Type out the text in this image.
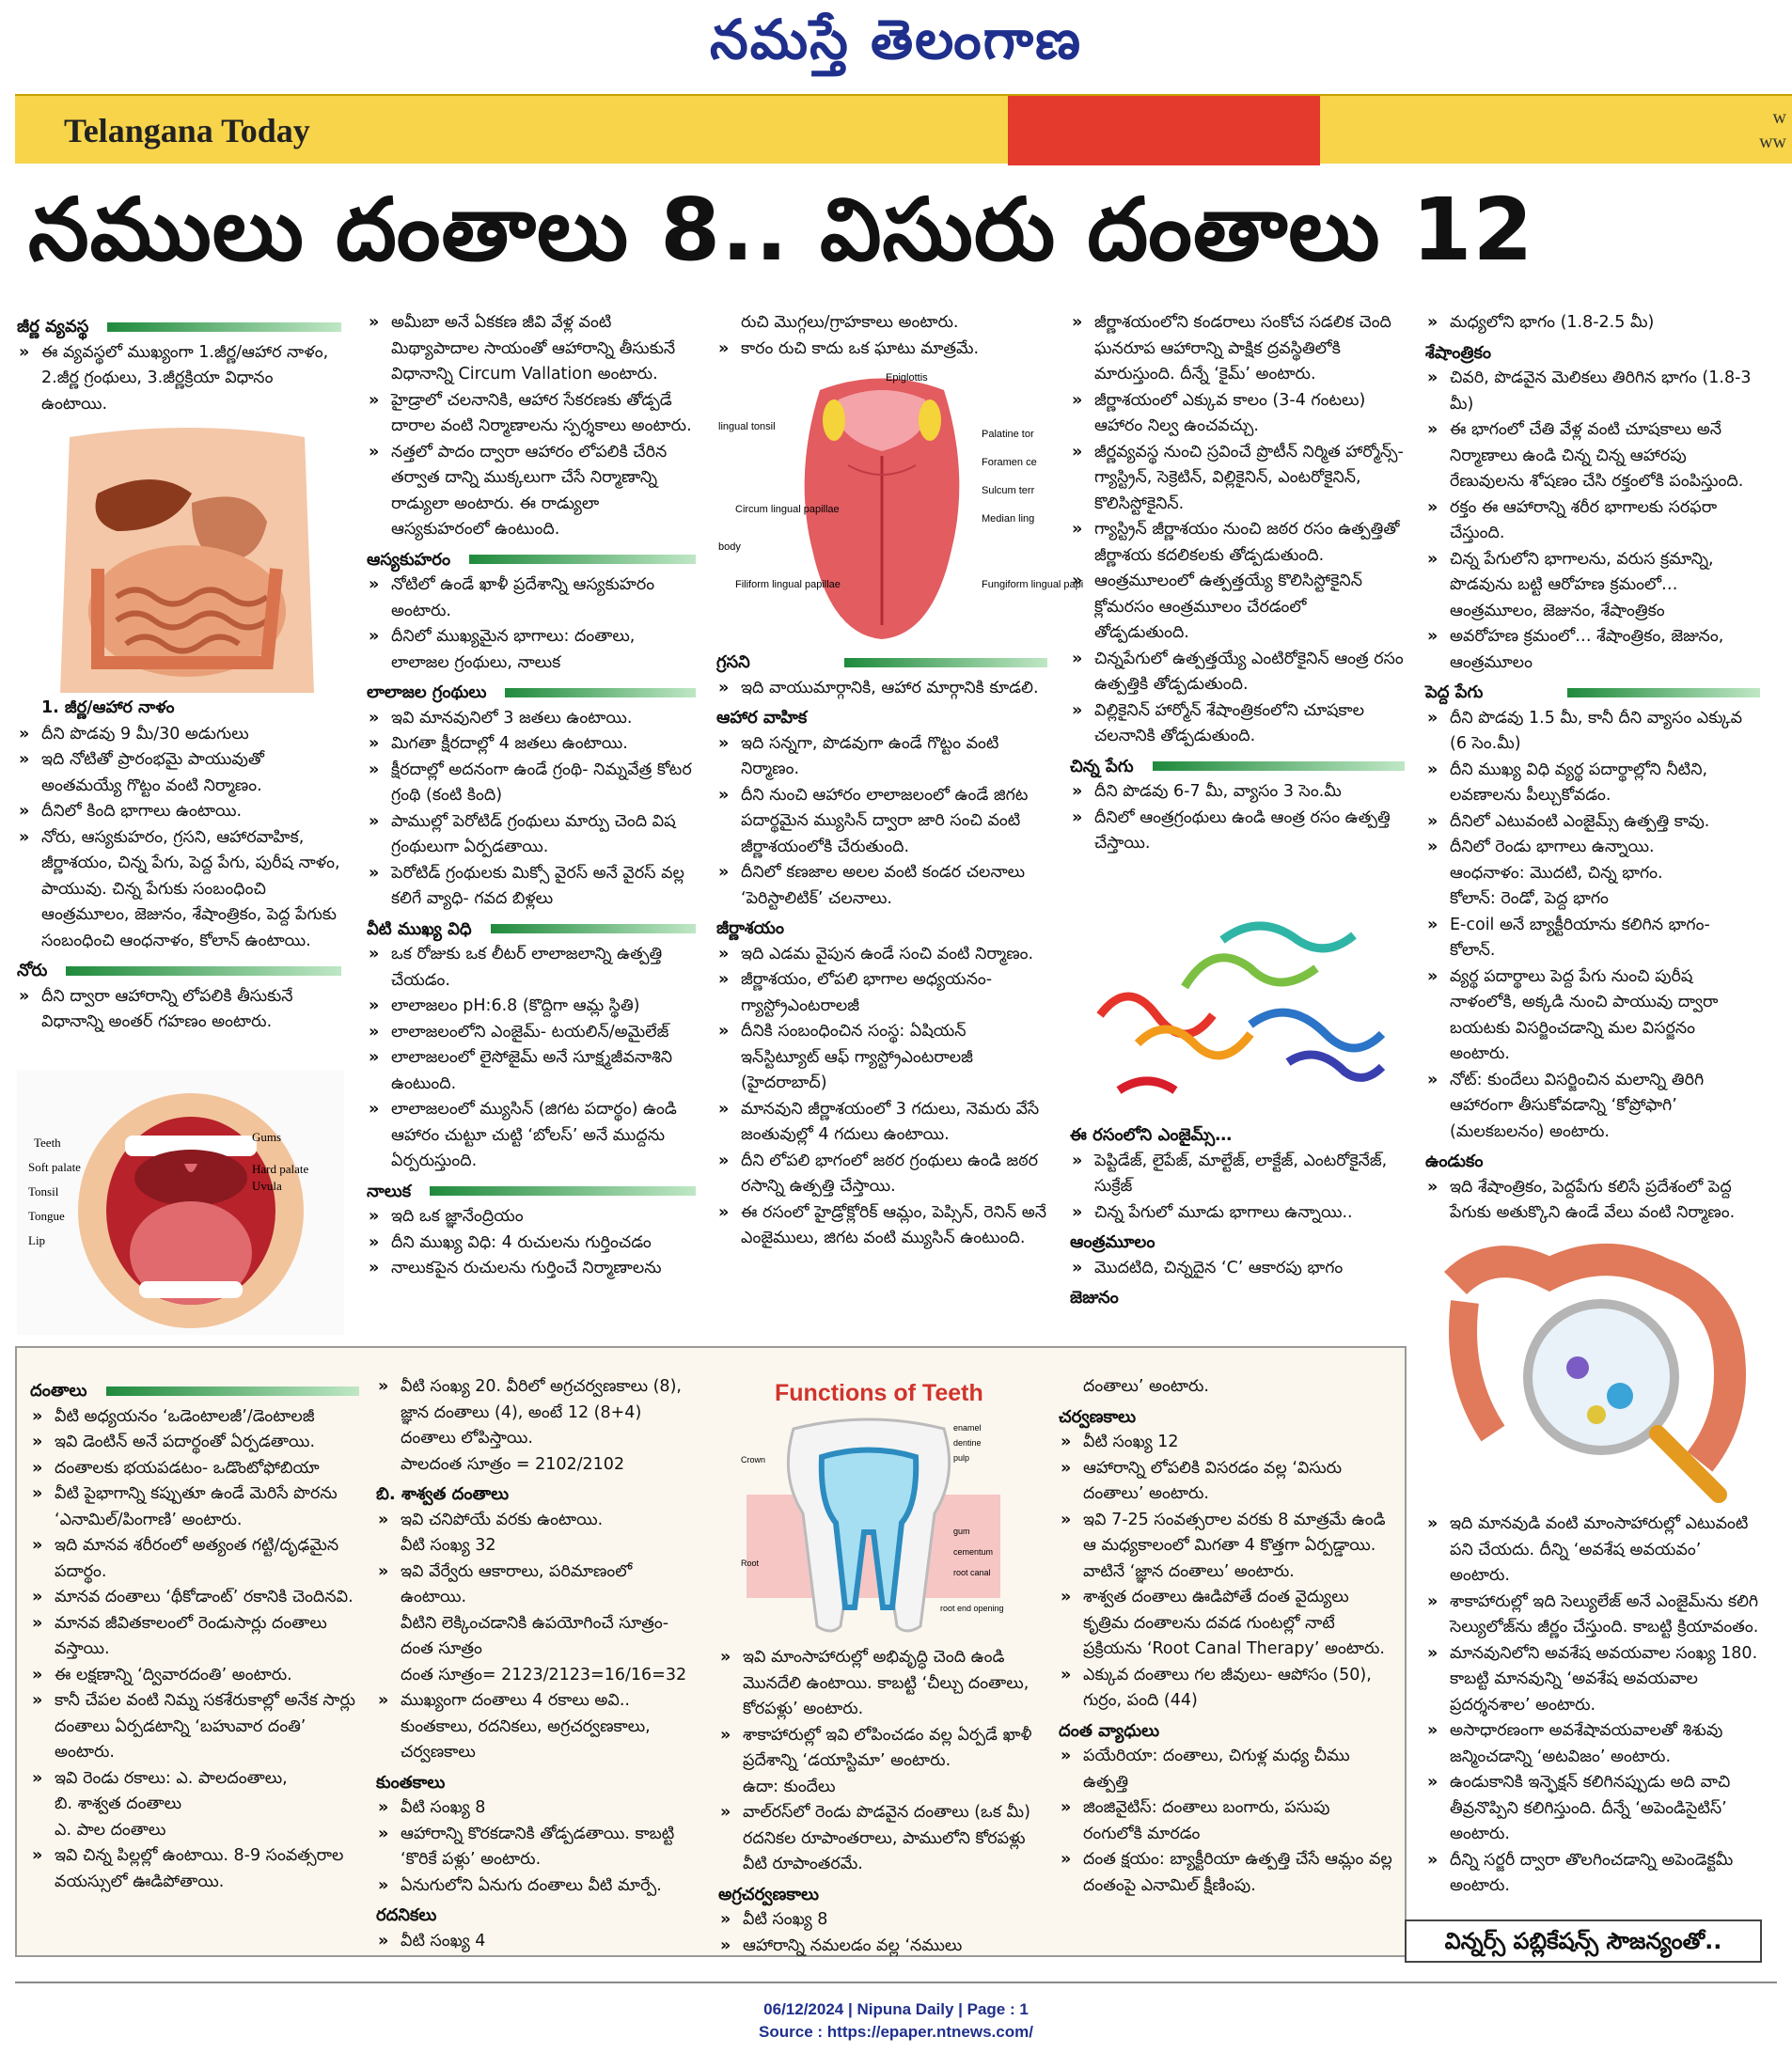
నమస్తే తెలంగాణ
Telangana Today	w
ww
నములు దంతాలు 8.. విసురు దంతాలు 12
జీర్ణ వ్యవస్థ

» ఈ వ్యవస్థలో ముఖ్యంగా 1.జీర్ణ/ఆహార నాళం, 2.జీర్ణ గ్రంథులు, 3.జీర్ణక్రియా విధానం ఉంటాయి.

1. జీర్ణ/ఆహార నాళం

» దీని పొడవు 9 మీ/30 అడుగులు

» ఇది నోటితో ప్రారంభమై పాయువుతో అంతమయ్యే గొట్టం వంటి నిర్మాణం.

» దీనిలో కింది భాగాలు ఉంటాయి.

» నోరు, ఆస్యకుహరం, గ్రసని, ఆహారవాహిక, జీర్ణాశయం, చిన్న పేగు, పెద్ద పేగు, పురీష నాళం, పాయువు. చిన్న పేగుకు సంబంధించి ఆంత్రమూలం, జెజునం, శేషాంత్రికం, పెద్ద పేగుకు సంబంధించి ఆంధనాళం, కోలాన్ ఉంటాయి.

నోరు

» దీని ద్వారా ఆహారాన్ని లోపలికి తీసుకునే విధానాన్ని అంతర్ గహణం అంటారు.

Teeth
Soft palate
Tonsil
Tongue
Lip
Gums
Hard palate
Uvula

» అమీబా అనే ఏకకణ జీవి వేళ్ల వంటి మిథ్యాపాదాల సాయంతో ఆహారాన్ని తీసుకునే విధానాన్ని Circum Vallation అంటారు.

» హైడ్రాలో చలనానికి, ఆహార సేకరణకు తోడ్పడే దారాల వంటి నిర్మాణాలను స్పర్శకాలు అంటారు.

» నత్తలో పాదం ద్వారా ఆహారం లోపలికి చేరిన తర్వాత దాన్ని ముక్కలుగా చేసే నిర్మాణాన్ని రాడ్యులా అంటారు. ఈ రాడ్యులా ఆస్యకుహరంలో ఉంటుంది.

ఆస్యకుహరం

» నోటిలో ఉండే ఖాళీ ప్రదేశాన్ని ఆస్యకుహరం అంటారు.

» దీనిలో ముఖ్యమైన భాగాలు: దంతాలు, లాలాజల గ్రంథులు, నాలుక

లాలాజల గ్రంథులు

» ఇవి మానవునిలో 3 జతలు ఉంటాయి.

» మిగతా క్షీరదాల్లో 4 జతలు ఉంటాయి.

» క్షీరదాల్లో అదనంగా ఉండే గ్రంథి- నిమ్నవేత్ర కోటర గ్రంథి (కంటి కింది)

» పాముల్లో పెరోటిడ్ గ్రంథులు మార్పు చెంది విష గ్రంథులుగా ఏర్పడతాయి.

» పెరోటిడ్ గ్రంథులకు మిక్సో వైరస్ అనే వైరస్ వల్ల కలిగే వ్యాధి- గవద బిళ్లలు

వీటి ముఖ్య విధి

» ఒక రోజుకు ఒక లీటర్ లాలాజలాన్ని ఉత్పత్తి చేయడం.

» లాలాజలం pH:6.8 (కొద్దిగా ఆమ్ల స్థితి)

» లాలాజలంలోని ఎంజైమ్- టయలిన్/అమైలేజ్

» లాలాజలంలో లైసోజైమ్ అనే సూక్ష్మజీవనాశిని ఉంటుంది.

» లాలాజలంలో మ్యుసిన్ (జిగట పదార్థం) ఉండి ఆహారం చుట్టూ చుట్టి ‘బోలస్’ అనే ముద్దను ఏర్పరుస్తుంది.

నాలుక

» ఇది ఒక జ్ఞానేంద్రియం

» దీని ముఖ్య విధి: 4 రుచులను గుర్తించడం

» నాలుకపైన రుచులను గుర్తించే నిర్మాణాలను

రుచి మొగ్గలు/గ్రాహకాలు అంటారు.

» కారం రుచి కాదు ఒక ఘాటు మాత్రమే.

Epiglottis
lingual tonsil
Palatine tor
Foramen ce
Sulcum terr
Median ling
Circum lingual papillae
body
Filiform lingual papillae	Fungiform lingual papi
గ్రసని

» ఇది వాయుమార్గానికి, ఆహార మార్గానికి కూడలి.

ఆహార వాహిక

» ఇది సన్నగా, పొడవుగా ఉండే గొట్టం వంటి నిర్మాణం.

» దీని నుంచి ఆహారం లాలాజలంలో ఉండే జిగట పదార్థమైన మ్యుసిన్ ద్వారా జారి సంచి వంటి జీర్ణాశయంలోకి చేరుతుంది.

» దీనిలో కణజాల అలల వంటి కండర చలనాలు ‘పెరిస్టాలిటిక్’ చలనాలు.

జీర్ణాశయం

» ఇది ఎడమ వైపున ఉండే సంచి వంటి నిర్మాణం.

» జీర్ణాశయం, లోపలి భాగాల అధ్యయనం- గ్యాస్ట్రోఎంటరాలజీ

» దీనికి సంబంధించిన సంస్థ: ఏషియన్ ఇన్‌స్టిట్యూట్ ఆఫ్ గ్యాస్ట్రోఎంటరాలజీ (హైదరాబాద్)

» మానవుని జీర్ణాశయంలో 3 గదులు, నెమరు వేసే జంతువుల్లో 4 గదులు ఉంటాయి.

» దీని లోపలి భాగంలో జఠర గ్రంథులు ఉండి జఠర రసాన్ని ఉత్పత్తి చేస్తాయి.

» ఈ రసంలో హైడ్రోక్లోరిక్ ఆమ్లం, పెప్సిన్, రెనిన్ అనే ఎంజైములు, జిగట వంటి మ్యుసిన్ ఉంటుంది.

» జీర్ణాశయంలోని కండరాలు సంకోచ సడలిక చెంది ఘనరూప ఆహారాన్ని పాక్షిక ద్రవస్థితిలోకి మారుస్తుంది. దీన్నే ‘కైమ్’ అంటారు.

» జీర్ణాశయంలో ఎక్కువ కాలం (3-4 గంటలు) ఆహారం నిల్వ ఉంచవచ్చు.

» జీర్ణవ్యవస్థ నుంచి స్రవించే ప్రొటీన్ నిర్మిత హార్మోన్స్- గ్యాస్ట్రిన్, సెక్రెటిన్, విల్లికైనిన్, ఎంటరోకైనిన్, కొలిసిస్టోకైనిన్.

» గ్యాస్ట్రిన్ జీర్ణాశయం నుంచి జఠర రసం ఉత్పత్తితో జీర్ణాశయ కదలికలకు తోడ్పడుతుంది.

» ఆంత్రమూలంలో ఉత్పత్తయ్యే కొలిసిస్టోకైనిన్ క్లోమరసం ఆంత్రమూలం చేరడంలో తోడ్పడుతుంది.

» చిన్నపేగులో ఉత్పత్తయ్యే ఎంటిరోకైనిన్ ఆంత్ర రసం ఉత్పత్తికి తోడ్పడుతుంది.

» విల్లికైనిన్ హార్మోన్ శేషాంత్రికంలోని చూషకాల చలనానికి తోడ్పడుతుంది.

చిన్న పేగు

» దీని పొడవు 6-7 మీ, వ్యాసం 3 సెం.మీ

» దీనిలో ఆంత్రగ్రంథులు ఉండి ఆంత్ర రసం ఉత్పత్తి చేస్తాయి.

ఈ రసంలోని ఎంజైమ్స్…

» పెప్టిడేజ్, లైపేజ్, మాల్టేజ్, లాక్టేజ్, ఎంటరోకైనేజ్, సుక్రేజ్

» చిన్న పేగులో మూడు భాగాలు ఉన్నాయి..

ఆంత్రమూలం

» మొదటిది, చిన్నదైన ‘C’ ఆకారపు భాగం

జెజునం

» మధ్యలోని భాగం (1.8-2.5 మీ)

శేషాంత్రికం

» చివరి, పొడవైన మెలికలు తిరిగిన భాగం (1.8-3 మీ)

» ఈ భాగంలో చేతి వేళ్ల వంటి చూషకాలు అనే నిర్మాణాలు ఉండి చిన్న చిన్న ఆహారపు రేణువులను శోషణం చేసి రక్తంలోకి పంపిస్తుంది.

» రక్తం ఈ ఆహారాన్ని శరీర భాగాలకు సరఫరా చేస్తుంది.

» చిన్న పేగులోని భాగాలను, వరుస క్రమాన్ని, పొడవును బట్టి ఆరోహణ క్రమంలో… ఆంత్రమూలం, జెజునం, శేషాంత్రికం

» అవరోహణ క్రమంలో… శేషాంత్రికం, జెజునం, ఆంత్రమూలం

పెద్ద పేగు

» దీని పొడవు 1.5 మీ, కానీ దీని వ్యాసం ఎక్కువ (6 సెం.మీ)

» దీని ముఖ్య విధి వ్యర్థ పదార్థాల్లోని నీటిని, లవణాలను పీల్చుకోవడం.

» దీనిలో ఎటువంటి ఎంజైమ్స్ ఉత్పత్తి కావు.

» దీనిలో రెండు భాగాలు ఉన్నాయి.

ఆంధనాళం: మొదటి, చిన్న భాగం.

కోలాన్: రెండో, పెద్ద భాగం

» E-coil అనే బ్యాక్టీరియాను కలిగిన భాగం- కోలాన్.

» వ్యర్థ పదార్థాలు పెద్ద పేగు నుంచి పురీష నాళంలోకి, అక్కడి నుంచి పాయువు ద్వారా బయటకు విసర్జించడాన్ని మల విసర్జనం అంటారు.

» నోట్: కుందేలు విసర్జించిన మలాన్ని తిరిగి ఆహారంగా తీసుకోవడాన్ని ‘కోప్రోఫాగి’ (మలకబలనం) అంటారు.

ఉండుకం

» ఇది శేషాంత్రికం, పెద్దపేగు కలిసే ప్రదేశంలో పెద్ద పేగుకు అతుక్కొని ఉండే వేలు వంటి నిర్మాణం.

» ఇది మానవుడి వంటి మాంసాహారుల్లో ఎటువంటి పని చేయదు. దీన్ని ‘అవశేష అవయవం’ అంటారు.

» శాకాహారుల్లో ఇది సెల్యులేజ్ అనే ఎంజైమ్‌ను కలిగి సెల్యులోజ్‌ను జీర్ణం చేస్తుంది. కాబట్టి క్రియావంతం.

» మానవునిలోని అవశేష అవయవాల సంఖ్య 180. కాబట్టి మానవున్ని ‘అవశేష అవయవాల ప్రదర్శనశాల’ అంటారు.

» అసాధారణంగా అవశేషావయవాలతో శిశువు జన్మించడాన్ని ‘అటవిజం’ అంటారు.

» ఉండుకానికి ఇన్ఫెక్షన్ కలిగినప్పుడు అది వాచి తీవ్రనొప్పిని కలిగిస్తుంది. దీన్నే ‘అపెండిసైటిస్’ అంటారు.

» దీన్ని సర్జరీ ద్వారా తొలగించడాన్ని అపెండెక్టమీ అంటారు.

దంతాలు

» వీటి అధ్యయనం ‘ఒడెంటాలజీ’/డెంటాలజీ

» ఇవి డెంటిన్ అనే పదార్థంతో ఏర్పడతాయి.

» దంతాలకు భయపడటం- ఒడొంటోఫోబియా

» వీటి పైభాగాన్ని కప్పుతూ ఉండే మెరిసే పొరను ‘ఎనామిల్/పింగాణి’ అంటారు.

» ఇది మానవ శరీరంలో అత్యంత గట్టి/దృఢమైన పదార్థం.

» మానవ దంతాలు ‘థీకోడాంట్’ రకానికి చెందినవి.

» మానవ జీవితకాలంలో రెండుసార్లు దంతాలు వస్తాయి.

» ఈ లక్షణాన్ని ‘ద్వివారదంతి’ అంటారు.

» కానీ చేపల వంటి నిమ్న సకశేరుకాల్లో అనేక సార్లు దంతాలు ఏర్పడటాన్ని ‘బహువార దంతి’ అంటారు.

» ఇవి రెండు రకాలు: ఎ. పాలదంతాలు,

బి. శాశ్వత దంతాలు

ఎ. పాల దంతాలు

» ఇవి చిన్న పిల్లల్లో ఉంటాయి. 8-9 సంవత్సరాల వయస్సులో ఊడిపోతాయి.

» వీటి సంఖ్య 20. వీరిలో అగ్రచర్వణకాలు (8), జ్ఞాన దంతాలు (4), అంటే 12 (8+4) దంతాలు లోపిస్తాయి.

పాలదంత సూత్రం = 2102/2102

బి. శాశ్వత దంతాలు

» ఇవి చనిపోయే వరకు ఉంటాయి.

వీటి సంఖ్య 32

» ఇవి వేర్వేరు ఆకారాలు, పరిమాణంలో ఉంటాయి.

వీటిని లెక్కించడానికి ఉపయోగించే సూత్రం- దంత సూత్రం

దంత సూత్రం= 2123/2123=16/16=32

» ముఖ్యంగా దంతాలు 4 రకాలు అవి.. కుంతకాలు, రదనికలు, అగ్రచర్వణకాలు, చర్వణకాలు

కుంతకాలు

» వీటి సంఖ్య 8

» ఆహారాన్ని కొరకడానికి తోడ్పడతాయి. కాబట్టి ‘కొరికే పళ్లు’ అంటారు.

» ఏనుగులోని ఏనుగు దంతాలు వీటి మార్పే.

రదనికలు

» వీటి సంఖ్య 4

Functions of Teeth
enamel
dentine
pulp
Crown
gum
cementum
root canal
Root
root end opening

» ఇవి మాంసాహారుల్లో అభివృద్ధి చెంది ఉండి మొనదేలి ఉంటాయి. కాబట్టి ‘చీల్చు దంతాలు, కోరపళ్లు’ అంటారు.

» శాకాహారుల్లో ఇవి లోపించడం వల్ల ఏర్పడే ఖాళీ ప్రదేశాన్ని ‘డయాస్టిమా’ అంటారు.

ఉదా: కుందేలు

» వాల్‌రస్‌లో రెండు పొడవైన దంతాలు (ఒక మీ) రదనికల రూపాంతరాలు, పాములోని కోరపళ్లు వీటి రూపాంతరమే.

అగ్రచర్వణకాలు

» వీటి సంఖ్య 8

» ఆహారాన్ని నమలడం వల్ల ‘నములు

దంతాలు’ అంటారు.

చర్వణకాలు

» వీటి సంఖ్య 12

» ఆహారాన్ని లోపలికి విసరడం వల్ల ‘విసురు దంతాలు’ అంటారు.

» ఇవి 7-25 సంవత్సరాల వరకు 8 మాత్రమే ఉండి ఆ మధ్యకాలంలో మిగతా 4 కొత్తగా ఏర్పడ్డాయి. వాటినే ‘జ్ఞాన దంతాలు’ అంటారు.

» శాశ్వత దంతాలు ఊడిపోతే దంత వైద్యులు కృత్రిమ దంతాలను దవడ గుంటల్లో నాటే ప్రక్రియను ‘Root Canal Therapy’ అంటారు.

» ఎక్కువ దంతాలు గల జీవులు- ఆపోసం (50), గుర్రం, పంది (44)

దంత వ్యాధులు

» పయేరియా: దంతాలు, చిగుళ్ల మధ్య చీము ఉత్పత్తి

» జింజివైటిస్: దంతాలు బంగారు, పసుపు రంగులోకి మారడం

» దంత క్షయం: బ్యాక్టీరియా ఉత్పత్తి చేసే ఆమ్లం వల్ల దంతంపై ఎనామిల్ క్షీణింపు.

విన్నర్స్ పబ్లికేషన్స్ సౌజన్యంతో..
06/12/2024 | Nipuna Daily | Page : 1
Source : https://epaper.ntnews.com/
